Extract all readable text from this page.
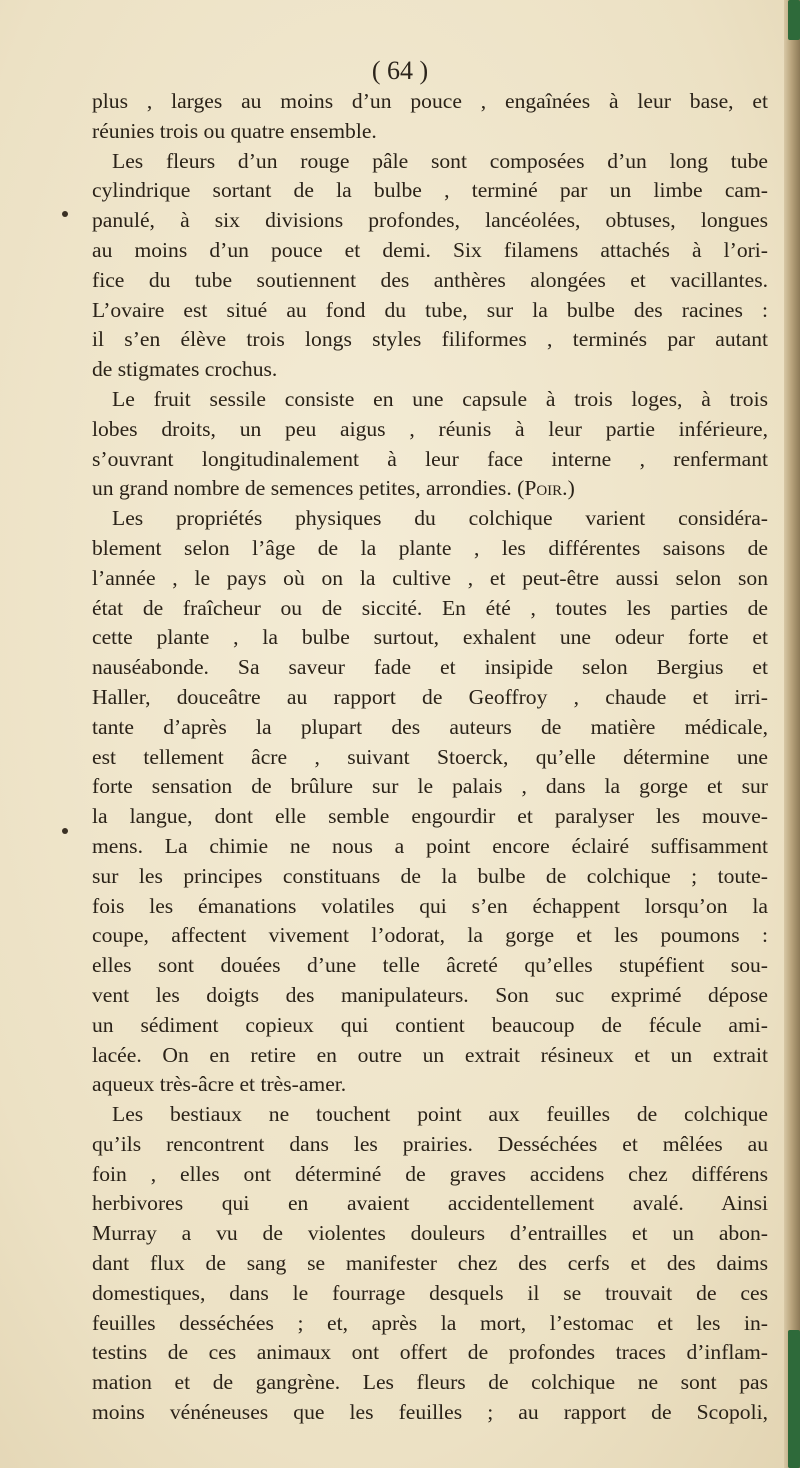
( 64 )
plus , larges au moins d’un pouce , engaînées à leur base, et
réunies trois ou quatre ensemble.
Les fleurs d’un rouge pâle sont composées d’un long tube
cylindrique sortant de la bulbe , terminé par un limbe cam-
panulé, à six divisions profondes, lancéolées, obtuses, longues
au moins d’un pouce et demi. Six filamens attachés à l’ori-
fice du tube soutiennent des anthères alongées et vacillantes.
L’ovaire est situé au fond du tube, sur la bulbe des racines :
il s’en élève trois longs styles filiformes , terminés par autant
de stigmates crochus.
Le fruit sessile consiste en une capsule à trois loges, à trois
lobes droits, un peu aigus , réunis à leur partie inférieure,
s’ouvrant longitudinalement à leur face interne , renfermant
un grand nombre de semences petites, arrondies. (Poir.)
Les propriétés physiques du colchique varient considéra-
blement selon l’âge de la plante , les différentes saisons de
l’année , le pays où on la cultive , et peut-être aussi selon son
état de fraîcheur ou de siccité. En été , toutes les parties de
cette plante , la bulbe surtout, exhalent une odeur forte et
nauséabonde. Sa saveur fade et insipide selon Bergius et
Haller, douceâtre au rapport de Geoffroy , chaude et irri-
tante d’après la plupart des auteurs de matière médicale,
est tellement âcre , suivant Stoerck, qu’elle détermine une
forte sensation de brûlure sur le palais , dans la gorge et sur
la langue, dont elle semble engourdir et paralyser les mouve-
mens. La chimie ne nous a point encore éclairé suffisamment
sur les principes constituans de la bulbe de colchique ; toute-
fois les émanations volatiles qui s’en échappent lorsqu’on la
coupe, affectent vivement l’odorat, la gorge et les poumons :
elles sont douées d’une telle âcreté qu’elles stupéfient sou-
vent les doigts des manipulateurs. Son suc exprimé dépose
un sédiment copieux qui contient beaucoup de fécule ami-
lacée. On en retire en outre un extrait résineux et un extrait
aqueux très-âcre et très-amer.
Les bestiaux ne touchent point aux feuilles de colchique
qu’ils rencontrent dans les prairies. Desséchées et mêlées au
foin , elles ont déterminé de graves accidens chez différens
herbivores qui en avaient accidentellement avalé. Ainsi
Murray a vu de violentes douleurs d’entrailles et un abon-
dant flux de sang se manifester chez des cerfs et des daims
domestiques, dans le fourrage desquels il se trouvait de ces
feuilles desséchées ; et, après la mort, l’estomac et les in-
testins de ces animaux ont offert de profondes traces d’inflam-
mation et de gangrène. Les fleurs de colchique ne sont pas
moins vénéneuses que les feuilles ; au rapport de Scopoli,
